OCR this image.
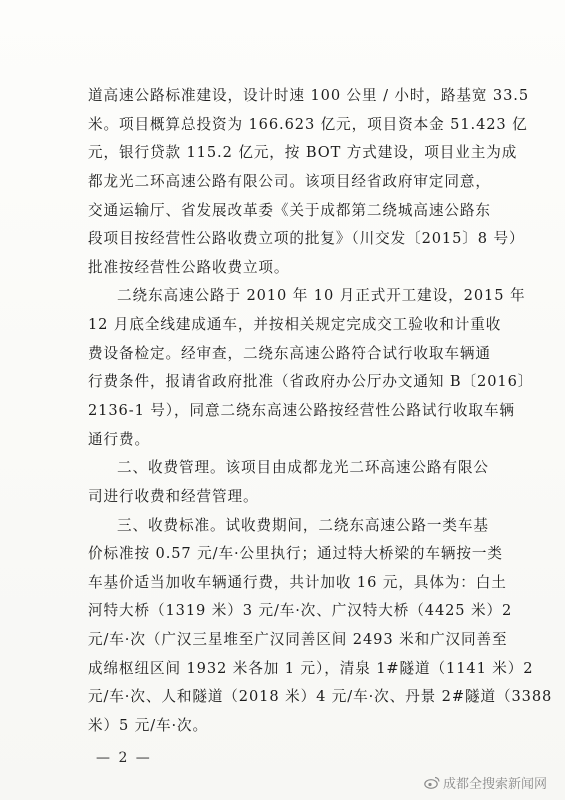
道高速公路标准建设，设计时速 100 公里 / 小时，路基宽 33.5
米。项目概算总投资为 166.623 亿元，项目资本金 51.423 亿
元，银行贷款 115.2 亿元，按 BOT 方式建设，项目业主为成
都龙光二环高速公路有限公司。该项目经省政府审定同意，
交通运输厅、省发展改革委《关于成都第二绕城高速公路东
段项目按经营性公路收费立项的批复》（川交发〔2015〕8 号）
批准按经营性公路收费立项。
二绕东高速公路于 2010 年 10 月正式开工建设，2015 年
12 月底全线建成通车，并按相关规定完成交工验收和计重收
费设备检定。经审查，二绕东高速公路符合试行收取车辆通
行费条件，报请省政府批准（省政府办公厅办文通知 B〔2016〕
2136-1 号），同意二绕东高速公路按经营性公路试行收取车辆
通行费。
二、收费管理。该项目由成都龙光二环高速公路有限公
司进行收费和经营管理。
三、收费标准。试收费期间，二绕东高速公路一类车基
价标准按 0.57 元/车·公里执行；通过特大桥梁的车辆按一类
车基价适当加收车辆通行费，共计加收 16 元，具体为：白土
河特大桥（1319 米）3 元/车·次、广汉特大桥（4425 米）2
元/车·次（广汉三星堆至广汉同善区间 2493 米和广汉同善至
成绵枢纽区间 1932 米各加 1 元），清泉 1#隧道（1141 米）2
元/车·次、人和隧道（2018 米）4 元/车·次、丹景 2#隧道（3388
米）5 元/车·次。
— 2 —
成都全搜索新闻网
